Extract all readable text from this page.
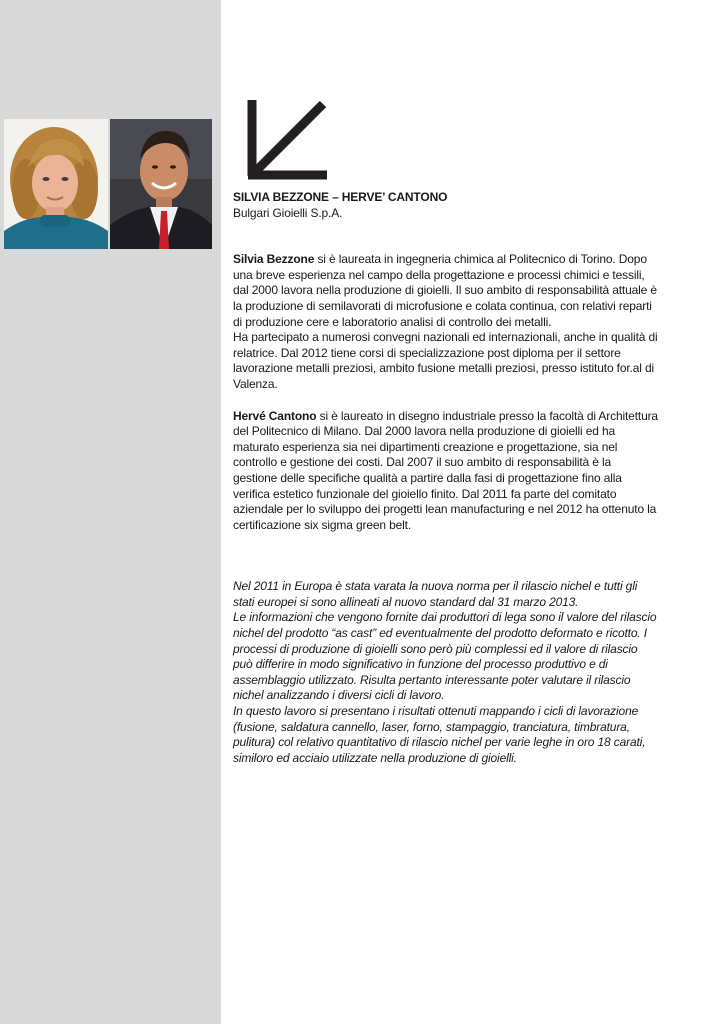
SILVIA BEZZONE – HERVE’ CANTONO
Bulgari Gioielli S.p.A.

Silvia Bezzone si è laureata in ingegneria chimica al Politecnico di Torino. Dopo una breve esperienza nel campo della progettazione e processi chimici e tessili, dal 2000 lavora nella produzione di gioielli. Il suo ambito di responsabilità attuale è la produzione di semilavorati di microfusione e colata continua, con relativi reparti di produzione cere e laboratorio analisi di controllo dei metalli.

Ha partecipato a numerosi convegni nazionali ed internazionali, anche in qualità di relatrice. Dal 2012 tiene corsi di specializzazione post diploma per il settore lavorazione metalli preziosi, ambito fusione metalli preziosi, presso istituto for.al di Valenza.

Hervé Cantono si è laureato in disegno industriale presso la facoltà di Architettura del Politecnico di Milano. Dal 2000 lavora nella produzione di gioielli ed ha maturato esperienza sia nei dipartimenti creazione e progettazione, sia nel controllo e gestione dei costi. Dal 2007 il suo ambito di responsabilità è la gestione delle specifiche qualità a partire dalla fasi di progettazione fino alla verifica estetico funzionale del gioiello finito. Dal 2011 fa parte del comitato aziendale per lo sviluppo dei progetti lean manufacturing e nel 2012 ha ottenuto la certificazione six sigma green belt.

Nel 2011 in Europa è stata varata la nuova norma per il rilascio nichel e tutti gli stati europei si sono allineati al nuovo standard dal 31 marzo 2013.

Le informazioni che vengono fornite dai produttori di lega sono il valore del rilascio nichel del prodotto “as cast” ed eventualmente del prodotto deformato e ricotto. I processi di produzione di gioielli sono però più complessi ed il valore di rilascio può differire in modo significativo in funzione del processo produttivo e di assemblaggio utilizzato. Risulta pertanto interessante poter valutare il rilascio nichel analizzando i diversi cicli di lavoro.

In questo lavoro si presentano i risultati ottenuti mappando i cicli di lavorazione (fusione, saldatura cannello, laser, forno, stampaggio, tranciatura, timbratura, pulitura) col relativo quantitativo di rilascio nichel per varie leghe in oro 18 carati, similoro ed acciaio utilizzate nella produzione di gioielli.
